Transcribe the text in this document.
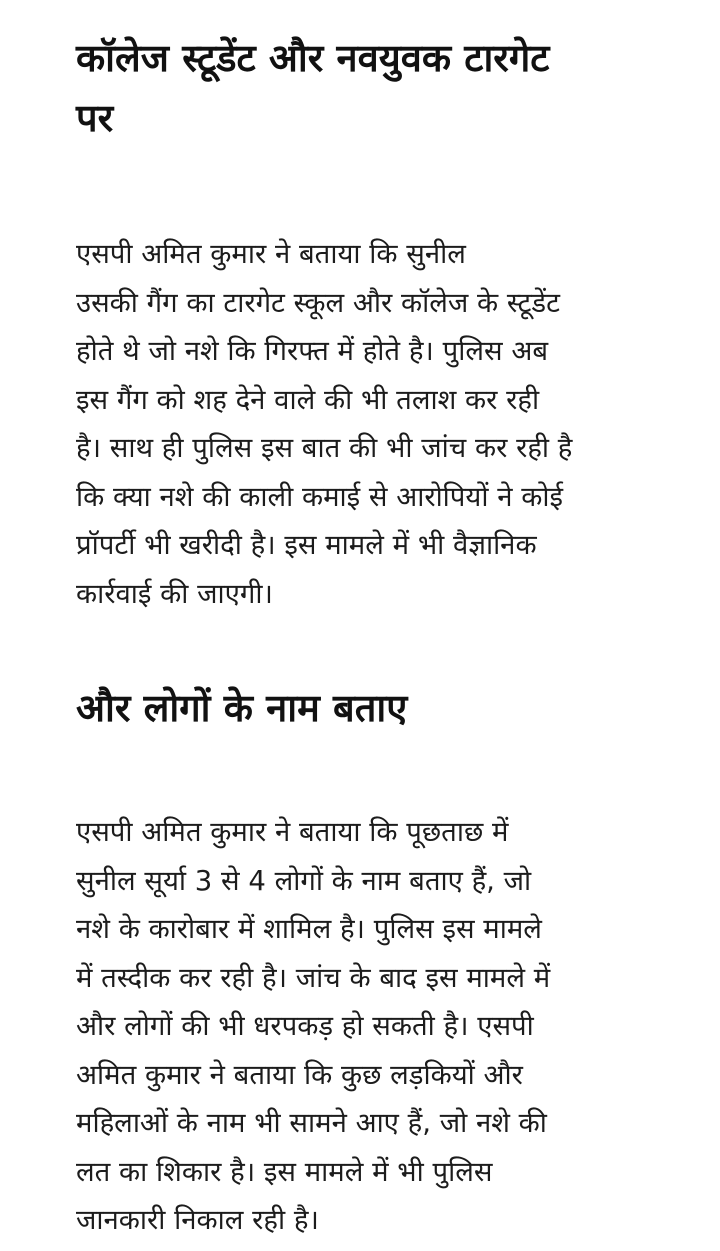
कॉलेज स्टूडेंट और नवयुवक टारगेट
पर

एसपी अमित कुमार ने बताया कि सुनील
उसकी गैंग का टारगेट स्कूल और कॉलेज के स्टूडेंट
होते थे जो नशे कि गिरफ्त में होते है। पुलिस अब
इस गैंग को शह देने वाले की भी तलाश कर रही
है। साथ ही पुलिस इस बात की भी जांच कर रही है
कि क्या नशे की काली कमाई से आरोपियों ने कोई
प्रॉपर्टी भी खरीदी है। इस मामले में भी वैज्ञानिक
कार्रवाई की जाएगी।

और लोगों के नाम बताए

एसपी अमित कुमार ने बताया कि पूछताछ में
सुनील सूर्या 3 से 4 लोगों के नाम बताए हैं, जो
नशे के कारोबार में शामिल है। पुलिस इस मामले
में तस्दीक कर रही है। जांच के बाद इस मामले में
और लोगों की भी धरपकड़ हो सकती है। एसपी
अमित कुमार ने बताया कि कुछ लड़कियों और
महिलाओं के नाम भी सामने आए हैं, जो नशे की
लत का शिकार है। इस मामले में भी पुलिस
जानकारी निकाल रही है।
